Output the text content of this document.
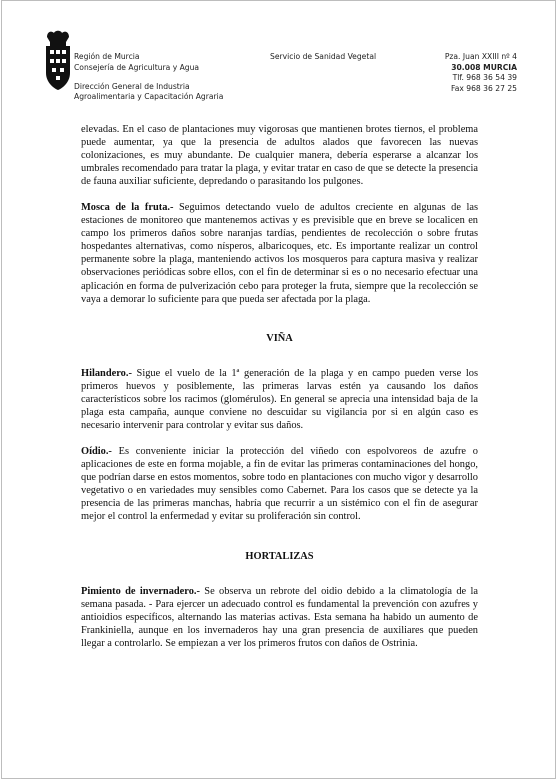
Región de Murcia
Consejería de Agricultura y Agua
Dirección General de Industria
Agroalimentaria y Capacitación Agraria
Servicio de Sanidad Vegetal	Pza. Juan XXIII nº 4
30.008 MURCIA
Tlf. 968 36 54 39
Fax 968 36 27 25

elevadas. En el caso de plantaciones muy vigorosas que mantienen brotes tiernos, el problema puede aumentar, ya que la presencia de adultos alados que favorecen las nuevas colonizaciones, es muy abundante. De cualquier manera, debería esperarse a alcanzar los umbrales recomendado para tratar la plaga, y evitar tratar en caso de que se detecte la presencia de fauna auxiliar suficiente, depredando o parasitando los pulgones.

Mosca de la fruta.- Seguimos detectando vuelo de adultos creciente en algunas de las estaciones de monitoreo que mantenemos activas y es previsible que en breve se localicen en campo los primeros daños sobre naranjas tardías, pendientes de recolección o sobre frutas hospedantes alternativas, como nísperos, albaricoques, etc. Es importante realizar un control permanente sobre la plaga, manteniendo activos los mosqueros para captura masiva y realizar observaciones periódicas sobre ellos, con el fin de determinar si es o no necesario efectuar una aplicación en forma de pulverización cebo para proteger la fruta, siempre que la recolección se vaya a demorar lo suficiente para que pueda ser afectada por la plaga.

VIÑA

Hilandero.- Sigue el vuelo de la 1ª generación de la plaga y en campo pueden verse los primeros huevos y posiblemente, las primeras larvas estén ya causando los daños característicos sobre los racimos (glomérulos). En general se aprecia una intensidad baja de la plaga esta campaña, aunque conviene no descuidar su vigilancia por si en algún caso es necesario intervenir para controlar y evitar sus daños.

Oídio.- Es conveniente iniciar la protección del viñedo con espolvoreos de azufre o aplicaciones de este en forma mojable, a fin de evitar las primeras contaminaciones del hongo, que podrían darse en estos momentos, sobre todo en plantaciones con mucho vigor y desarrollo vegetativo o en variedades muy sensibles como Cabernet. Para los casos que se detecte ya la presencia de las primeras manchas, habría que recurrir a un sistémico con el fin de asegurar mejor el control la enfermedad y evitar su proliferación sin control.

HORTALIZAS

Pimiento de invernadero.- Se observa un rebrote del oidio debido a la climatología de la semana pasada. - Para ejercer un adecuado control es fundamental la prevención con azufres y antioidios específicos, alternando las materias activas. Esta semana ha habido un aumento de Frankiniella, aunque en los invernaderos hay una gran presencia de auxiliares que pueden llegar a controlarlo. Se empiezan a ver los primeros frutos con daños de Ostrinia.
